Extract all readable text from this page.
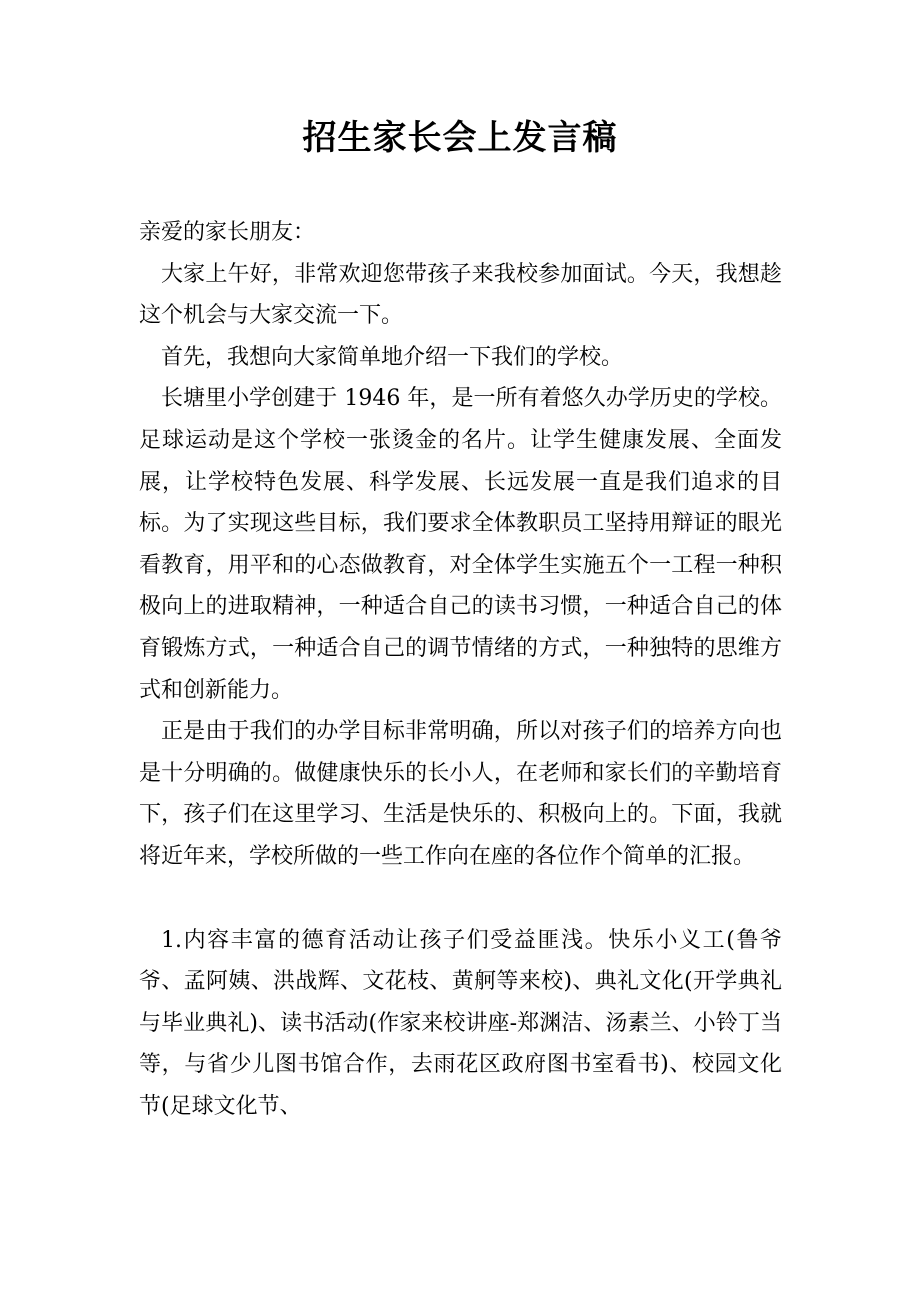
招生家长会上发言稿

亲爱的家长朋友：

大家上午好，非常欢迎您带孩子来我校参加面试。今天，我想趁这个机会与大家交流一下。

首先，我想向大家简单地介绍一下我们的学校。

长塘里小学创建于 1946 年，是一所有着悠久办学历史的学校。足球运动是这个学校一张烫金的名片。让学生健康发展、全面发展，让学校特色发展、科学发展、长远发展一直是我们追求的目标。为了实现这些目标，我们要求全体教职员工坚持用辩证的眼光看教育，用平和的心态做教育，对全体学生实施五个一工程一种积极向上的进取精神，一种适合自己的读书习惯，一种适合自己的体育锻炼方式，一种适合自己的调节情绪的方式，一种独特的思维方式和创新能力。

正是由于我们的办学目标非常明确，所以对孩子们的培养方向也是十分明确的。做健康快乐的长小人，在老师和家长们的辛勤培育下，孩子们在这里学习、生活是快乐的、积极向上的。下面，我就将近年来，学校所做的一些工作向在座的各位作个简单的汇报。

1.内容丰富的德育活动让孩子们受益匪浅。快乐小义工(鲁爷爷、孟阿姨、洪战辉、文花枝、黄舸等来校)、典礼文化(开学典礼与毕业典礼)、读书活动(作家来校讲座-郑渊洁、汤素兰、小铃丁当等，与省少儿图书馆合作，去雨花区政府图书室看书)、校园文化节(足球文化节、
